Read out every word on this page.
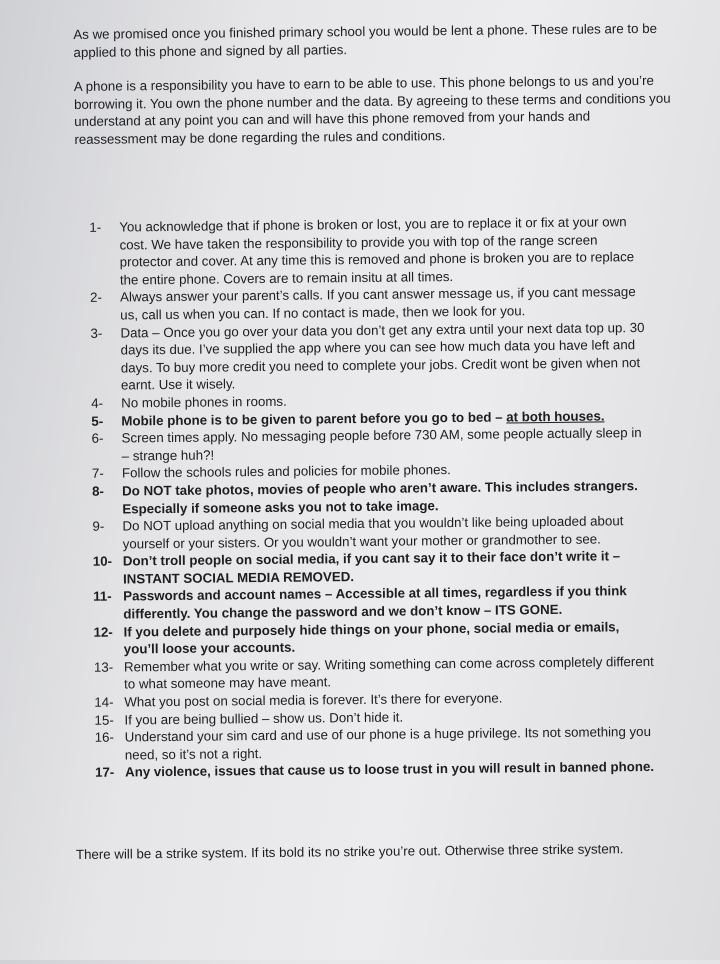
As we promised once you finished primary school you would be lent a phone. These rules are to be applied to this phone and signed by all parties.

A phone is a responsibility you have to earn to be able to use. This phone belongs to us and you’re borrowing it. You own the phone number and the data. By agreeing to these terms and conditions you understand at any point you can and will have this phone removed from your hands and reassessment may be done regarding the rules and conditions.

1-	You acknowledge that if phone is broken or lost, you are to replace it or fix at your own cost. We have taken the responsibility to provide you with top of the range screen protector and cover. At any time this is removed and phone is broken you are to replace the entire phone. Covers are to remain insitu at all times.
2-	Always answer your parent’s calls. If you cant answer message us, if you cant message us, call us when you can. If no contact is made, then we look for you.
3-	Data – Once you go over your data you don’t get any extra until your next data top up. 30 days its due. I’ve supplied the app where you can see how much data you have left and days. To buy more credit you need to complete your jobs. Credit wont be given when not earnt. Use it wisely.
4-	No mobile phones in rooms.
5-	Mobile phone is to be given to parent before you go to bed – at both houses.
6-	Screen times apply. No messaging people before 730 AM, some people actually sleep in – strange huh?!
7-	Follow the schools rules and policies for mobile phones.
8-	Do NOT take photos, movies of people who aren’t aware. This includes strangers. Especially if someone asks you not to take image.
9-	Do NOT upload anything on social media that you wouldn’t like being uploaded about yourself or your sisters. Or you wouldn’t want your mother or grandmother to see.
10- Don’t troll people on social media, if you cant say it to their face don’t write it – INSTANT SOCIAL MEDIA REMOVED.
11- Passwords and account names – Accessible at all times, regardless if you think differently. You change the password and we don’t know – ITS GONE.
12- If you delete and purposely hide things on your phone, social media or emails, you’ll loose your accounts.
13- Remember what you write or say. Writing something can come across completely different to what someone may have meant.
14- What you post on social media is forever. It’s there for everyone.
15- If you are being bullied – show us. Don’t hide it.
16- Understand your sim card and use of our phone is a huge privilege. Its not something you need, so it’s not a right.
17- Any violence, issues that cause us to loose trust in you will result in banned phone.

There will be a strike system. If its bold its no strike you’re out. Otherwise three strike system.
